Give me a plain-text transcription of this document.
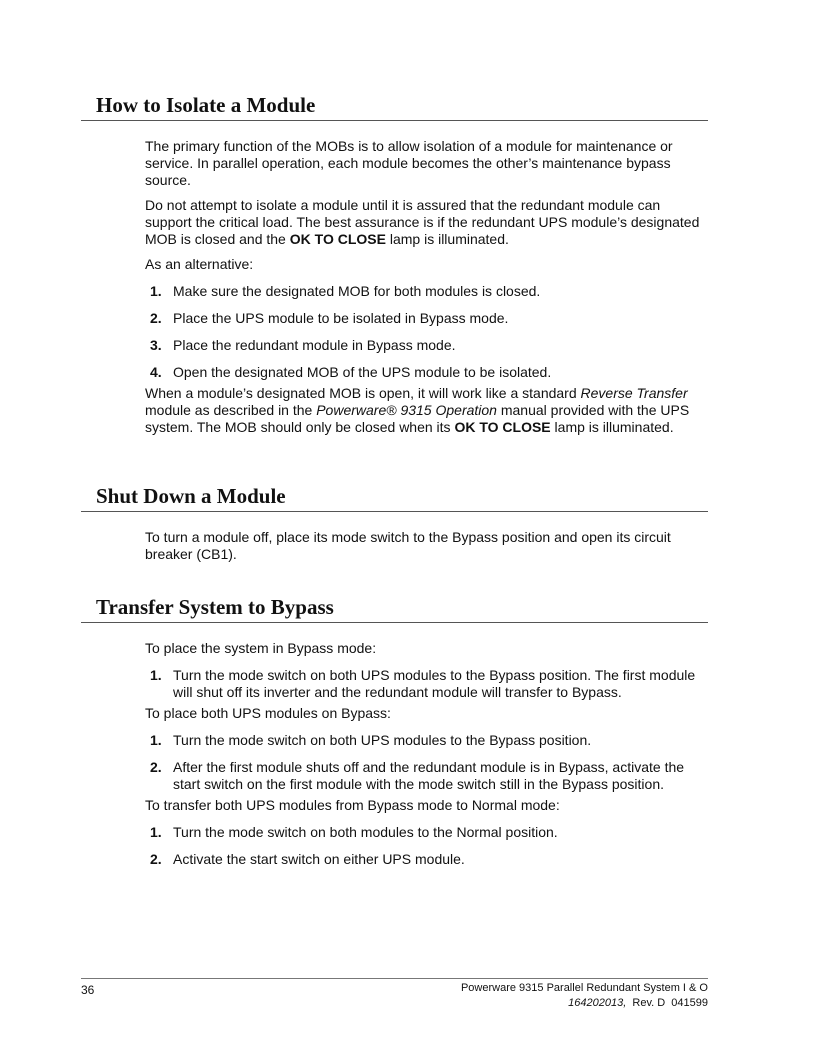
How to Isolate a Module

The primary function of the MOBs is to allow isolation of a module for maintenance or service. In parallel operation, each module becomes the other’s maintenance bypass source.

Do not attempt to isolate a module until it is assured that the redundant module can support the critical load. The best assurance is if the redundant UPS module’s designated MOB is closed and the OK TO CLOSE lamp is illuminated.

As an alternative:

1. Make sure the designated MOB for both modules is closed.
2. Place the UPS module to be isolated in Bypass mode.
3. Place the redundant module in Bypass mode.
4. Open the designated MOB of the UPS module to be isolated.

When a module’s designated MOB is open, it will work like a standard Reverse Transfer module as described in the Powerware® 9315 Operation manual provided with the UPS system. The MOB should only be closed when its OK TO CLOSE lamp is illuminated.

Shut Down a Module

To turn a module off, place its mode switch to the Bypass position and open its circuit breaker (CB1).

Transfer System to Bypass

To place the system in Bypass mode:

1. Turn the mode switch on both UPS modules to the Bypass position. The first module will shut off its inverter and the redundant module will transfer to Bypass.

To place both UPS modules on Bypass:

1. Turn the mode switch on both UPS modules to the Bypass position.
2. After the first module shuts off and the redundant module is in Bypass, activate the start switch on the first module with the mode switch still in the Bypass position.

To transfer both UPS modules from Bypass mode to Normal mode:

1. Turn the mode switch on both modules to the Normal position.
2. Activate the start switch on either UPS module.
36	Powerware 9315 Parallel Redundant System I & O
164202013,  Rev. D  041599
